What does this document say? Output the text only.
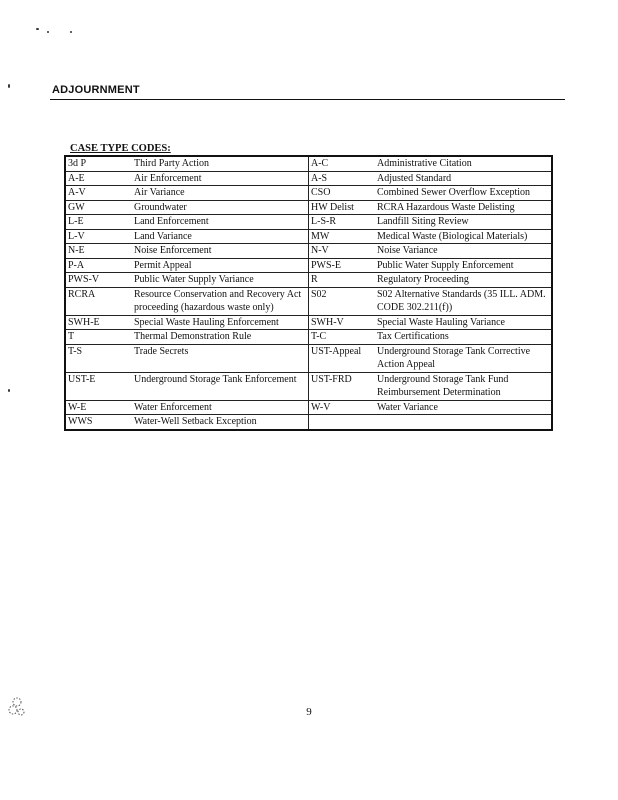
ADJOURNMENT
CASE TYPE CODES:
3d P	Third Party Action	A-C	Administrative Citation
A-E	Air Enforcement	A-S	Adjusted Standard
A-V	Air Variance	CSO	Combined Sewer Overflow Exception
GW	Groundwater	HW Delist	RCRA Hazardous Waste Delisting
L-E	Land Enforcement	L-S-R	Landfill Siting Review
L-V	Land Variance	MW	Medical Waste (Biological Materials)
N-E	Noise Enforcement	N-V	Noise Variance
P-A	Permit Appeal	PWS-E	Public Water Supply Enforcement
PWS-V	Public Water Supply Variance	R	Regulatory Proceeding
RCRA	Resource Conservation and Recovery Act proceeding (hazardous waste only)	S02	S02 Alternative Standards (35 ILL. ADM. CODE 302.211(f))
SWH-E	Special Waste Hauling Enforcement	SWH-V	Special Waste Hauling Variance
T	Thermal Demonstration Rule	T-C	Tax Certifications
T-S	Trade Secrets	UST-Appeal	Underground Storage Tank Corrective Action Appeal
UST-E	Underground Storage Tank Enforcement	UST-FRD	Underground Storage Tank Fund Reimbursement Determination
W-E	Water Enforcement	W-V	Water Variance
WWS	Water-Well Setback Exception		
9
